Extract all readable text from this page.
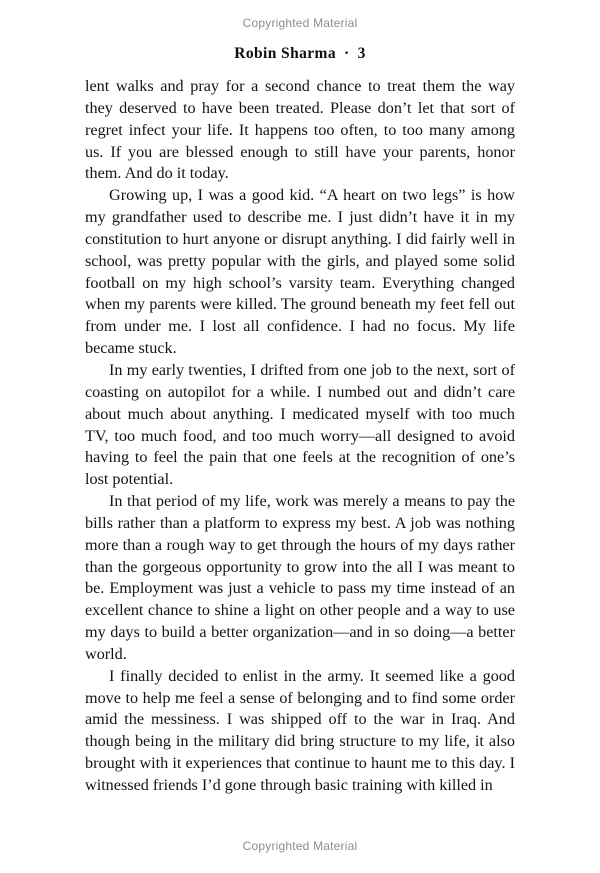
Copyrighted Material
Robin Sharma · 3

lent walks and pray for a second chance to treat them the way they deserved to have been treated. Please don’t let that sort of regret infect your life. It happens too often, to too many among us. If you are blessed enough to still have your parents, honor them. And do it today.

Growing up, I was a good kid. “A heart on two legs” is how my grandfather used to describe me. I just didn’t have it in my constitution to hurt anyone or disrupt anything. I did fairly well in school, was pretty popular with the girls, and played some solid football on my high school’s varsity team. Everything changed when my parents were killed. The ground beneath my feet fell out from under me. I lost all confidence. I had no focus. My life became stuck.

In my early twenties, I drifted from one job to the next, sort of coasting on autopilot for a while. I numbed out and didn’t care about much about anything. I medicated myself with too much TV, too much food, and too much worry—all designed to avoid having to feel the pain that one feels at the recognition of one’s lost potential.

In that period of my life, work was merely a means to pay the bills rather than a platform to express my best. A job was nothing more than a rough way to get through the hours of my days rather than the gorgeous opportunity to grow into the all I was meant to be. Employment was just a vehicle to pass my time instead of an excellent chance to shine a light on other people and a way to use my days to build a better organization—and in so doing—a better world.

I finally decided to enlist in the army. It seemed like a good move to help me feel a sense of belonging and to find some order amid the messiness. I was shipped off to the war in Iraq. And though being in the military did bring structure to my life, it also brought with it experiences that continue to haunt me to this day. I witnessed friends I’d gone through basic training with killed in

Copyrighted Material
